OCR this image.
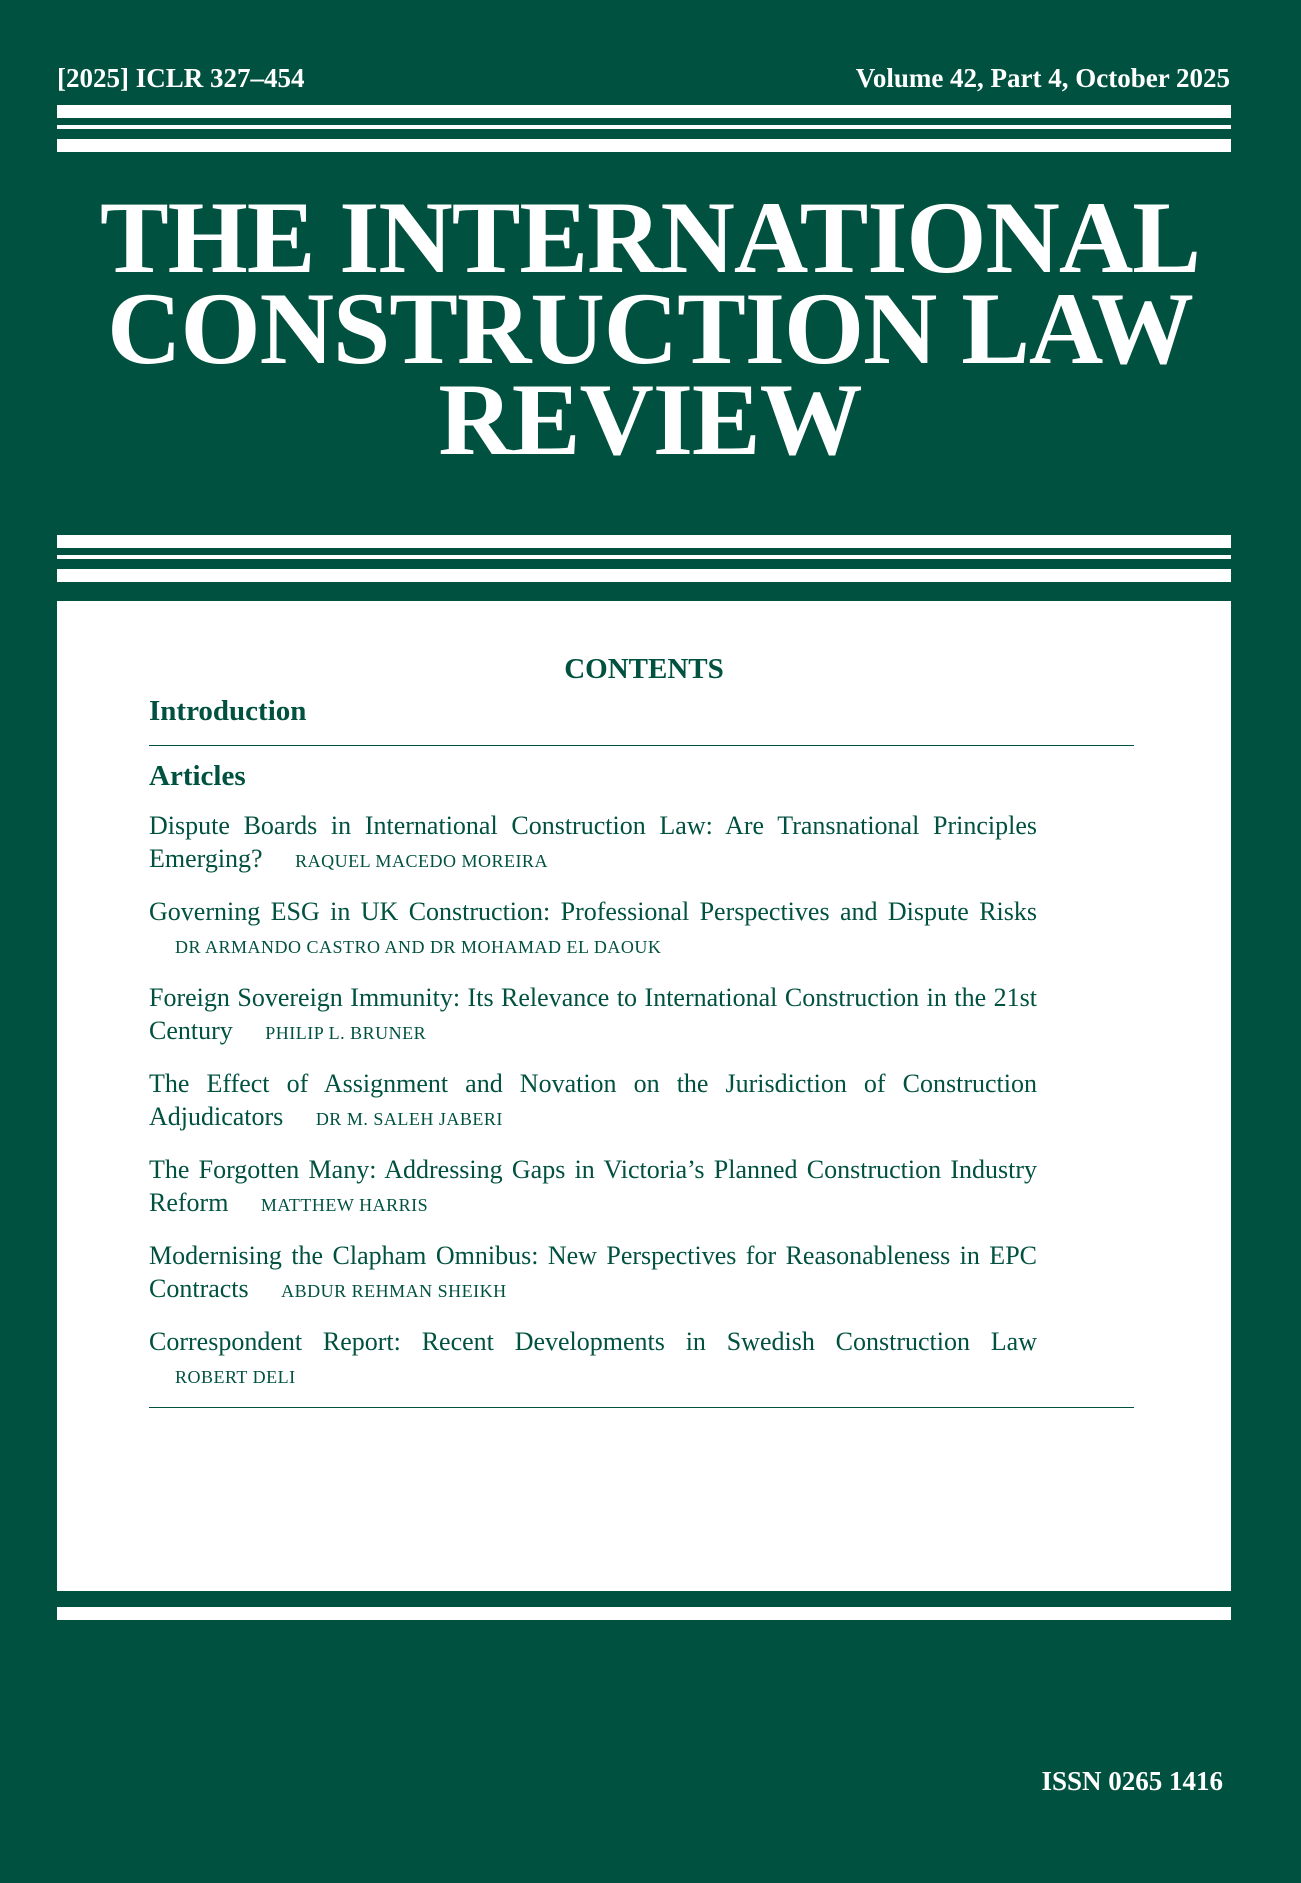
[2025] ICLR 327–454	Volume 42, Part 4, October 2025
THE INTERNATIONAL
CONSTRUCTION LAW
REVIEW
CONTENTS
Introduction
Articles
Dispute Boards in International Construction Law: Are Transnational Principles Emerging? RAQUEL MACEDO MOREIRA
Governing ESG in UK Construction: Professional Perspectives and Dispute Risks DR ARMANDO CASTRO AND DR MOHAMAD EL DAOUK
Foreign Sovereign Immunity: Its Relevance to International Construction in the 21st Century PHILIP L. BRUNER
The Effect of Assignment and Novation on the Jurisdiction of Construction Adjudicators DR M. SALEH JABERI
The Forgotten Many: Addressing Gaps in Victoria’s Planned Construction Industry Reform MATTHEW HARRIS
Modernising the Clapham Omnibus: New Perspectives for Reasonableness in EPC Contracts ABDUR REHMAN SHEIKH
Correspondent Report: Recent Developments in Swedish Construction Law ROBERT DELI
ISSN 0265 1416
